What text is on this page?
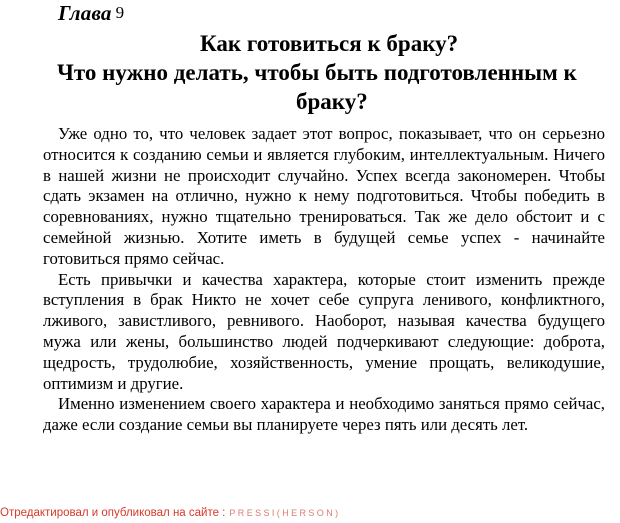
Глава 9
Как готовиться к браку?
Что нужно делать, чтобы быть подготовленным к
браку?

Уже одно то, что человек задает этот вопрос, показывает, что он серьезно относится к созданию семьи и является глубоким, интеллектуальным. Ничего в нашей жизни не происходит случайно. Успех всегда закономерен. Чтобы сдать экзамен на отлично, нужно к нему подготовиться. Чтобы победить в соревнованиях, нужно тщательно тренироваться. Так же дело обстоит и с семейной жизнью. Хотите иметь в будущей семье успех - начинайте готовиться прямо сейчас.

Есть привычки и качества характера, которые стоит изменить прежде вступления в брак Никто не хочет себе супруга ленивого, конфликтного, лживого, завистливого, ревнивого. Наоборот, называя качества будущего мужа или жены, большинство людей подчеркивают следующие: доброта, щедрость, трудолюбие, хозяйственность, умение прощать, великодушие, оптимизм и другие.

Именно изменением своего характера и необходимо заняться прямо сейчас, даже если создание семьи вы планируете через пять или десять лет.

Отредактировал и опубликовал на сайте : PRESSI(HERSON)
